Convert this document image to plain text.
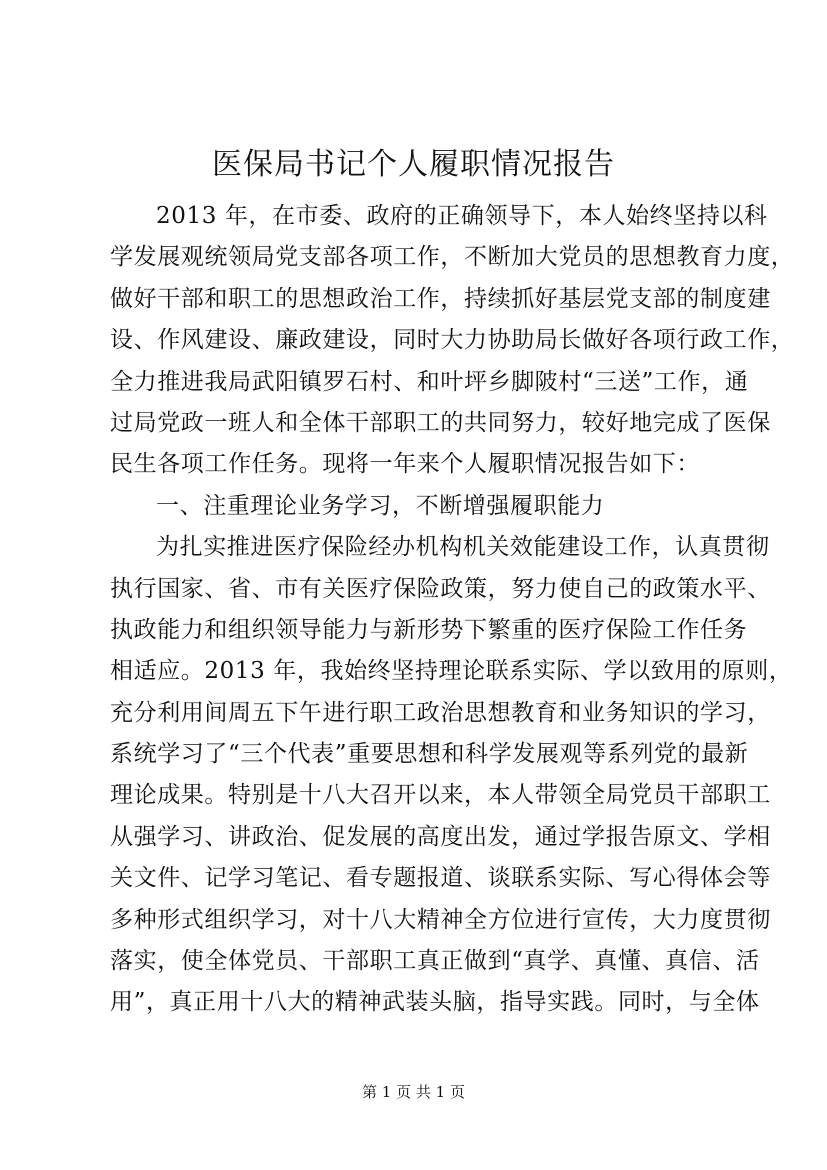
医保局书记个人履职情况报告
2013 年，在市委、政府的正确领导下，本人始终坚持以科
学发展观统领局党支部各项工作，不断加大党员的思想教育力度，
做好干部和职工的思想政治工作，持续抓好基层党支部的制度建
设、作风建设、廉政建设，同时大力协助局长做好各项行政工作，
全力推进我局武阳镇罗石村、和叶坪乡脚陂村“三送”工作，通
过局党政一班人和全体干部职工的共同努力，较好地完成了医保
民生各项工作任务。现将一年来个人履职情况报告如下：
一、注重理论业务学习，不断增强履职能力
为扎实推进医疗保险经办机构机关效能建设工作，认真贯彻
执行国家、省、市有关医疗保险政策，努力使自己的政策水平、
执政能力和组织领导能力与新形势下繁重的医疗保险工作任务
相适应。2013 年，我始终坚持理论联系实际、学以致用的原则，
充分利用间周五下午进行职工政治思想教育和业务知识的学习，
系统学习了“三个代表”重要思想和科学发展观等系列党的最新
理论成果。特别是十八大召开以来，本人带领全局党员干部职工
从强学习、讲政治、促发展的高度出发，通过学报告原文、学相
关文件、记学习笔记、看专题报道、谈联系实际、写心得体会等
多种形式组织学习，对十八大精神全方位进行宣传，大力度贯彻
落实，使全体党员、干部职工真正做到“真学、真懂、真信、活
用”，真正用十八大的精神武装头脑，指导实践。同时，与全体
第 1 页 共 1 页
